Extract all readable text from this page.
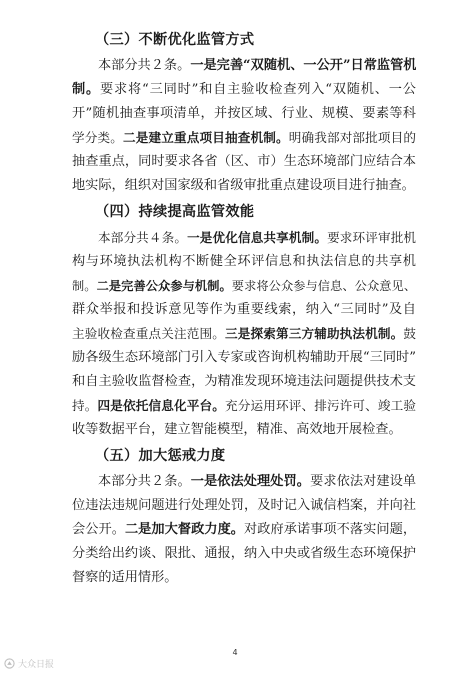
（三）不断优化监管方式
本部分共２条。一是完善“双随机、一公开”日常监管机
制。要求将“三同时”和自主验收检查列入“双随机、一公
开”随机抽查事项清单，并按区域、行业、规模、要素等科
学分类。二是建立重点项目抽查机制。明确我部对部批项目的
抽查重点，同时要求各省（区、市）生态环境部门应结合本
地实际，组织对国家级和省级审批重点建设项目进行抽查。
（四）持续提高监管效能
本部分共４条。一是优化信息共享机制。要求环评审批机
构与环境执法机构不断健全环评信息和执法信息的共享机
制。二是完善公众参与机制。要求将公众参与信息、公众意见、
群众举报和投诉意见等作为重要线索，纳入“三同时”及自
主验收检查重点关注范围。三是探索第三方辅助执法机制。鼓
励各级生态环境部门引入专家或咨询机构辅助开展“三同时”
和自主验收监督检查，为精准发现环境违法问题提供技术支
持。四是依托信息化平台。充分运用环评、排污许可、竣工验
收等数据平台，建立智能模型，精准、高效地开展检查。
（五）加大惩戒力度
本部分共２条。一是依法处理处罚。要求依法对建设单
位违法违规问题进行处理处罚，及时记入诚信档案，并向社
会公开。二是加大督政力度。对政府承诺事项不落实问题，
分类给出约谈、限批、通报，纳入中央或省级生态环境保护
督察的适用情形。
4
大众日报
